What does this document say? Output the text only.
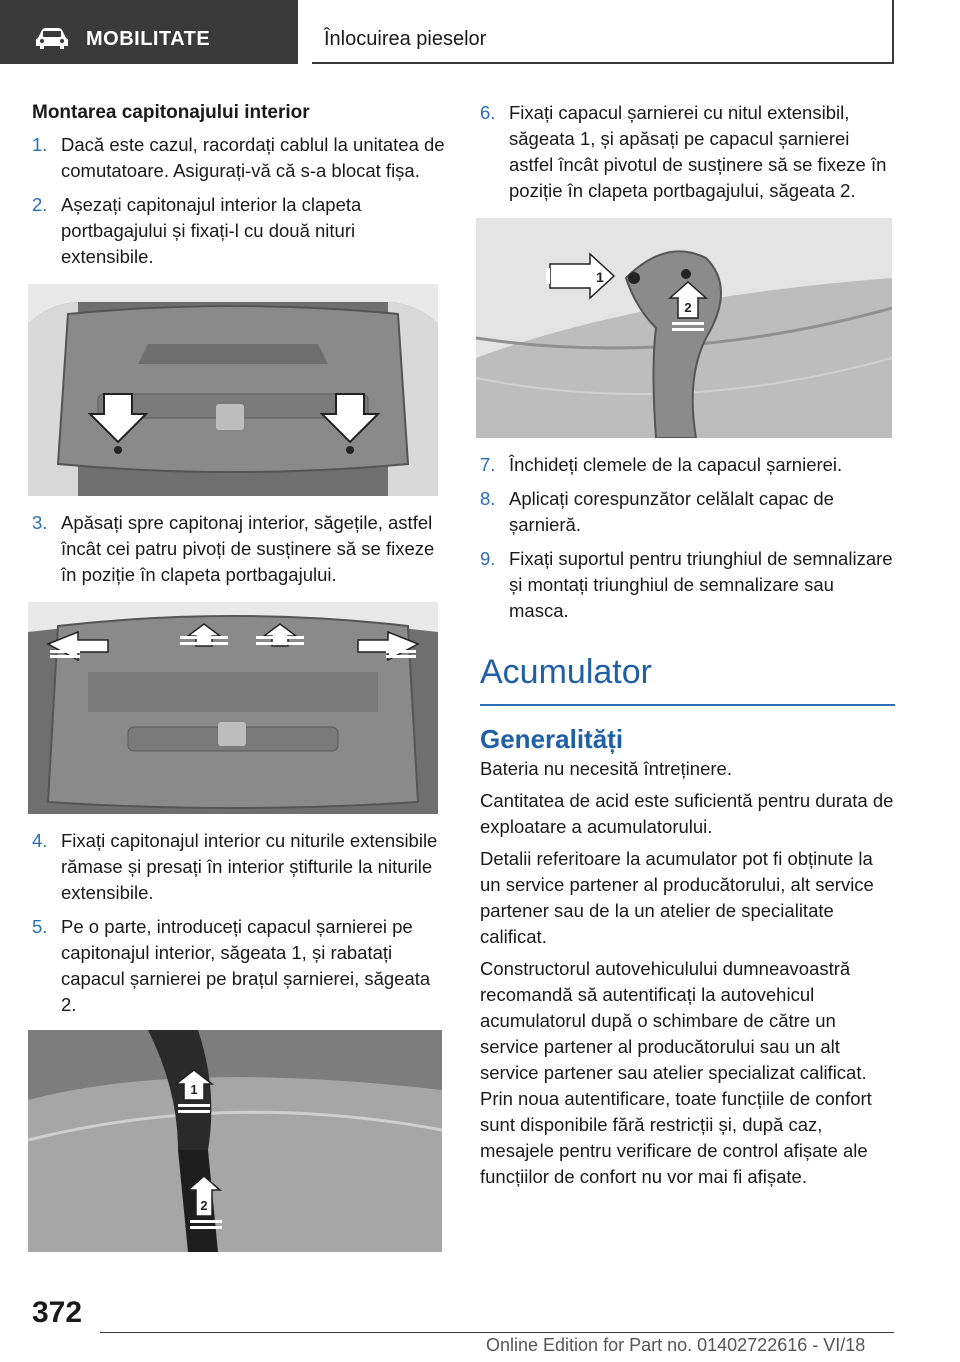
MOBILITATE	Înlocuirea pieselor
Montarea capitonajului interior
1. Dacă este cazul, racordați cablul la unitatea de comutatoare. Asigurați-vă că s-a blocat fișa.
2. Așezați capitonajul interior la clapeta portbagajului și fixați-l cu două nituri extensibile.
3. Apăsați spre capitonaj interior, săgețile, astfel încât cei patru pivoți de susținere să se fixeze în poziție în clapeta portbagajului.
4. Fixați capitonajul interior cu niturile extensibile rămase și presați în interior știfturile la niturile extensibile.
5. Pe o parte, introduceți capacul șarnierei pe capitonajul interior, săgeata 1, și rabatați capacul șarnierei pe brațul șarnierei, săgeata 2.
1
2
6. Fixați capacul șarnierei cu nitul extensibil, săgeata 1, și apăsați pe capacul șarnierei astfel încât pivotul de susținere să se fixeze în poziție în clapeta portbagajului, săgeata 2.
1
2
7. Închideți clemele de la capacul șarnierei.
8. Aplicați corespunzător celălalt capac de șarnieră.
9. Fixați suportul pentru triunghiul de semnalizare și montați triunghiul de semnalizare sau masca.
Acumulator
Generalități

Bateria nu necesită întreținere.

Cantitatea de acid este suficientă pentru durata de exploatare a acumulatorului.

Detalii referitoare la acumulator pot fi obținute la un service partener al producătorului, alt service partener sau de la un atelier de specialitate calificat.

Constructorul autovehiculului dumneavoastră recomandă să autentificați la autovehicul acumulatorul după o schimbare de către un service partener al producătorului sau un alt service partener sau atelier specializat calificat. Prin noua autentificare, toate funcțiile de confort sunt disponibile fără restricții și, după caz, mesajele pentru verificare de control afișate ale funcțiilor de confort nu vor mai fi afișate.

372
Online Edition for Part no. 01402722616 - VI/18
